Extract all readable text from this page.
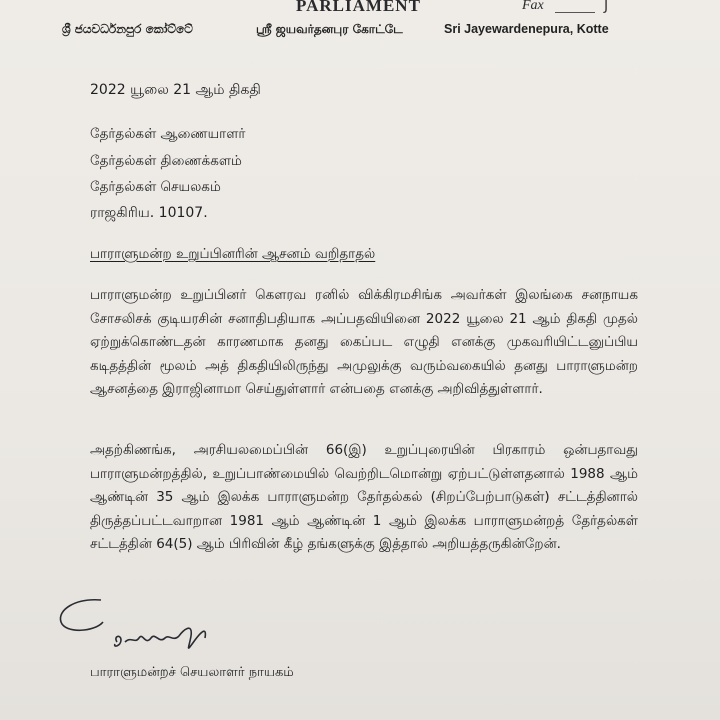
PARLIAMENT	Fax	J
ශ්‍රී ජයවර්ධනපුර කෝට්ටේ	ஸ்ரீ ஜயவர்தனபுர கோட்டே	Sri Jayewardenepura, Kotte
2022 யூலை 21 ஆம் திகதி
தேர்தல்கள் ஆணையாளர்
தேர்தல்கள் திணைக்களம்
தேர்தல்கள் செயலகம்
ராஜகிரிய. 10107.
பாராளுமன்ற உறுப்பினரின் ஆசனம் வறிதாதல்
பாராளுமன்ற உறுப்பினர் கௌரவ ரனில் விக்கிரமசிங்க அவர்கள் இலங்கை சனநாயக சோசலிசக் குடியரசின் சனாதிபதியாக அப்பதவியினை 2022 யூலை 21 ஆம் திகதி முதல் ஏற்றுக்கொண்டதன் காரணமாக தனது கைப்பட எழுதி எனக்கு முகவரியிட்டனுப்பிய கடிதத்தின் மூலம் அத் திகதியிலிருந்து அமுலுக்கு வரும்வகையில் தனது பாராளுமன்ற ஆசனத்தை இராஜினாமா செய்துள்ளார் என்பதை எனக்கு அறிவித்துள்ளார்.
அதற்கிணங்க, அரசியலமைப்பின் 66(இ) உறுப்புரையின் பிரகாரம் ஒன்பதாவது பாராளுமன்றத்தில், உறுப்பாண்மையில் வெற்றிடமொன்று ஏற்பட்டுள்ளதனால் 1988 ஆம் ஆண்டின் 35 ஆம் இலக்க பாராளுமன்ற தேர்தல்கல் (சிறப்பேற்பாடுகள்) சட்டத்தினால் திருத்தப்பட்டவாறான 1981 ஆம் ஆண்டின் 1 ஆம் இலக்க பாராளுமன்றத் தேர்தல்கள் சட்டத்தின் 64(5) ஆம் பிரிவின் கீழ் தங்களுக்கு இத்தால் அறியத்தருகின்றேன்.
பாராளுமன்றச் செயலாளர் நாயகம்
